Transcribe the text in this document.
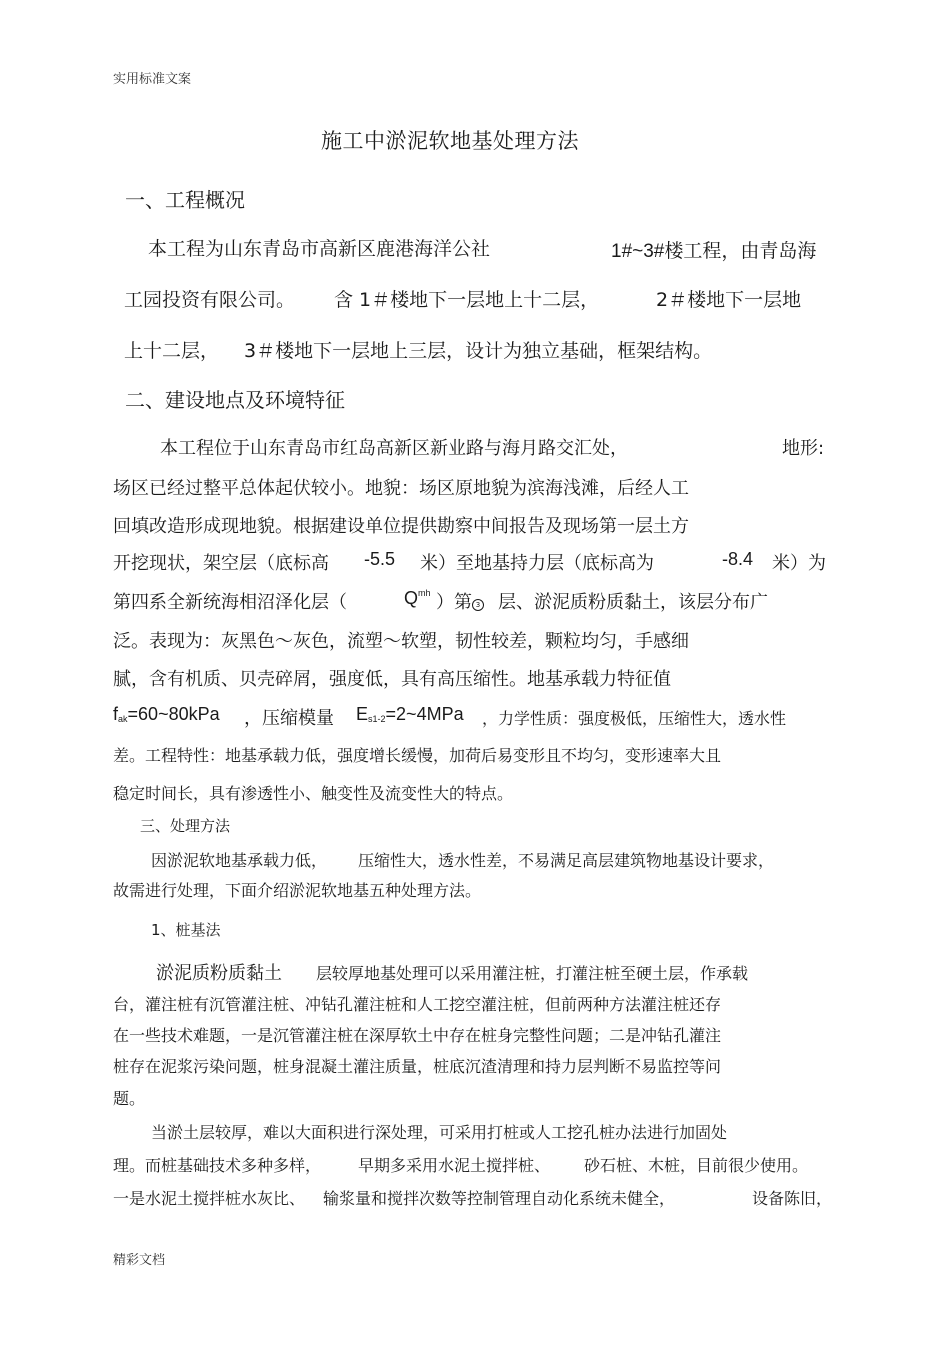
实用标准文案
施工中淤泥软地基处理方法
一、工程概况
本工程为山东青岛市高新区鹿港海洋公社	1#~3#楼工程，由青岛海
工园投资有限公司。 含 1＃楼地下一层地上十二层，	2＃楼地下一层地
上十二层， 3＃楼地下一层地上三层，设计为独立基础，框架结构。
二、建设地点及环境特征
本工程位于山东青岛市红岛高新区新业路与海月路交汇处，	地形:
场区已经过整平总体起伏较小。地貌：场区原地貌为滨海浅滩，后经人工
回填改造形成现地貌。根据建设单位提供勘察中间报告及现场第一层土方
开挖现状，架空层（底标高 -5.5 米）至地基持力层（底标高为	-8.4 米）为
第四系全新统海相沼泽化层（	$Q^{mh}$ ）第 3 层、淤泥质粉质黏土，该层分布广
泛。表现为：灰黑色～灰色，流塑～软塑，韧性较差，颗粒均匀，手感细
腻，含有机质、贝壳碎屑，强度低，具有高压缩性。地基承载力特征值
fak=60~80kPa ，压缩模量 Es1-2=2~4MPa ，力学性质：强度极低，压缩性大，透水性
差。工程特性：地基承载力低，强度增长缓慢，加荷后易变形且不均匀，变形速率大且
稳定时间长，具有渗透性小、触变性及流变性大的特点。
三、处理方法
因淤泥软地基承载力低， 压缩性大，透水性差，不易满足高层建筑物地基设计要求，
故需进行处理，下面介绍淤泥软地基五种处理方法。
1、桩基法
淤泥质粉质黏土 层较厚地基处理可以采用灌注桩，打灌注桩至硬土层，作承载
台，灌注桩有沉管灌注桩、冲钻孔灌注桩和人工挖空灌注桩，但前两种方法灌注桩还存
在一些技术难题，一是沉管灌注桩在深厚软土中存在桩身完整性问题；二是冲钻孔灌注
桩存在泥浆污染问题，桩身混凝土灌注质量，桩底沉渣清理和持力层判断不易监控等问
题。
当淤土层较厚，难以大面积进行深处理，可采用打桩或人工挖孔桩办法进行加固处
理。而桩基础技术多种多样， 早期多采用水泥土搅拌桩、 砂石桩、木桩，目前很少使用。
一是水泥土搅拌桩水灰比、 输浆量和搅拌次数等控制管理自动化系统未健全，	设备陈旧，
精彩文档
